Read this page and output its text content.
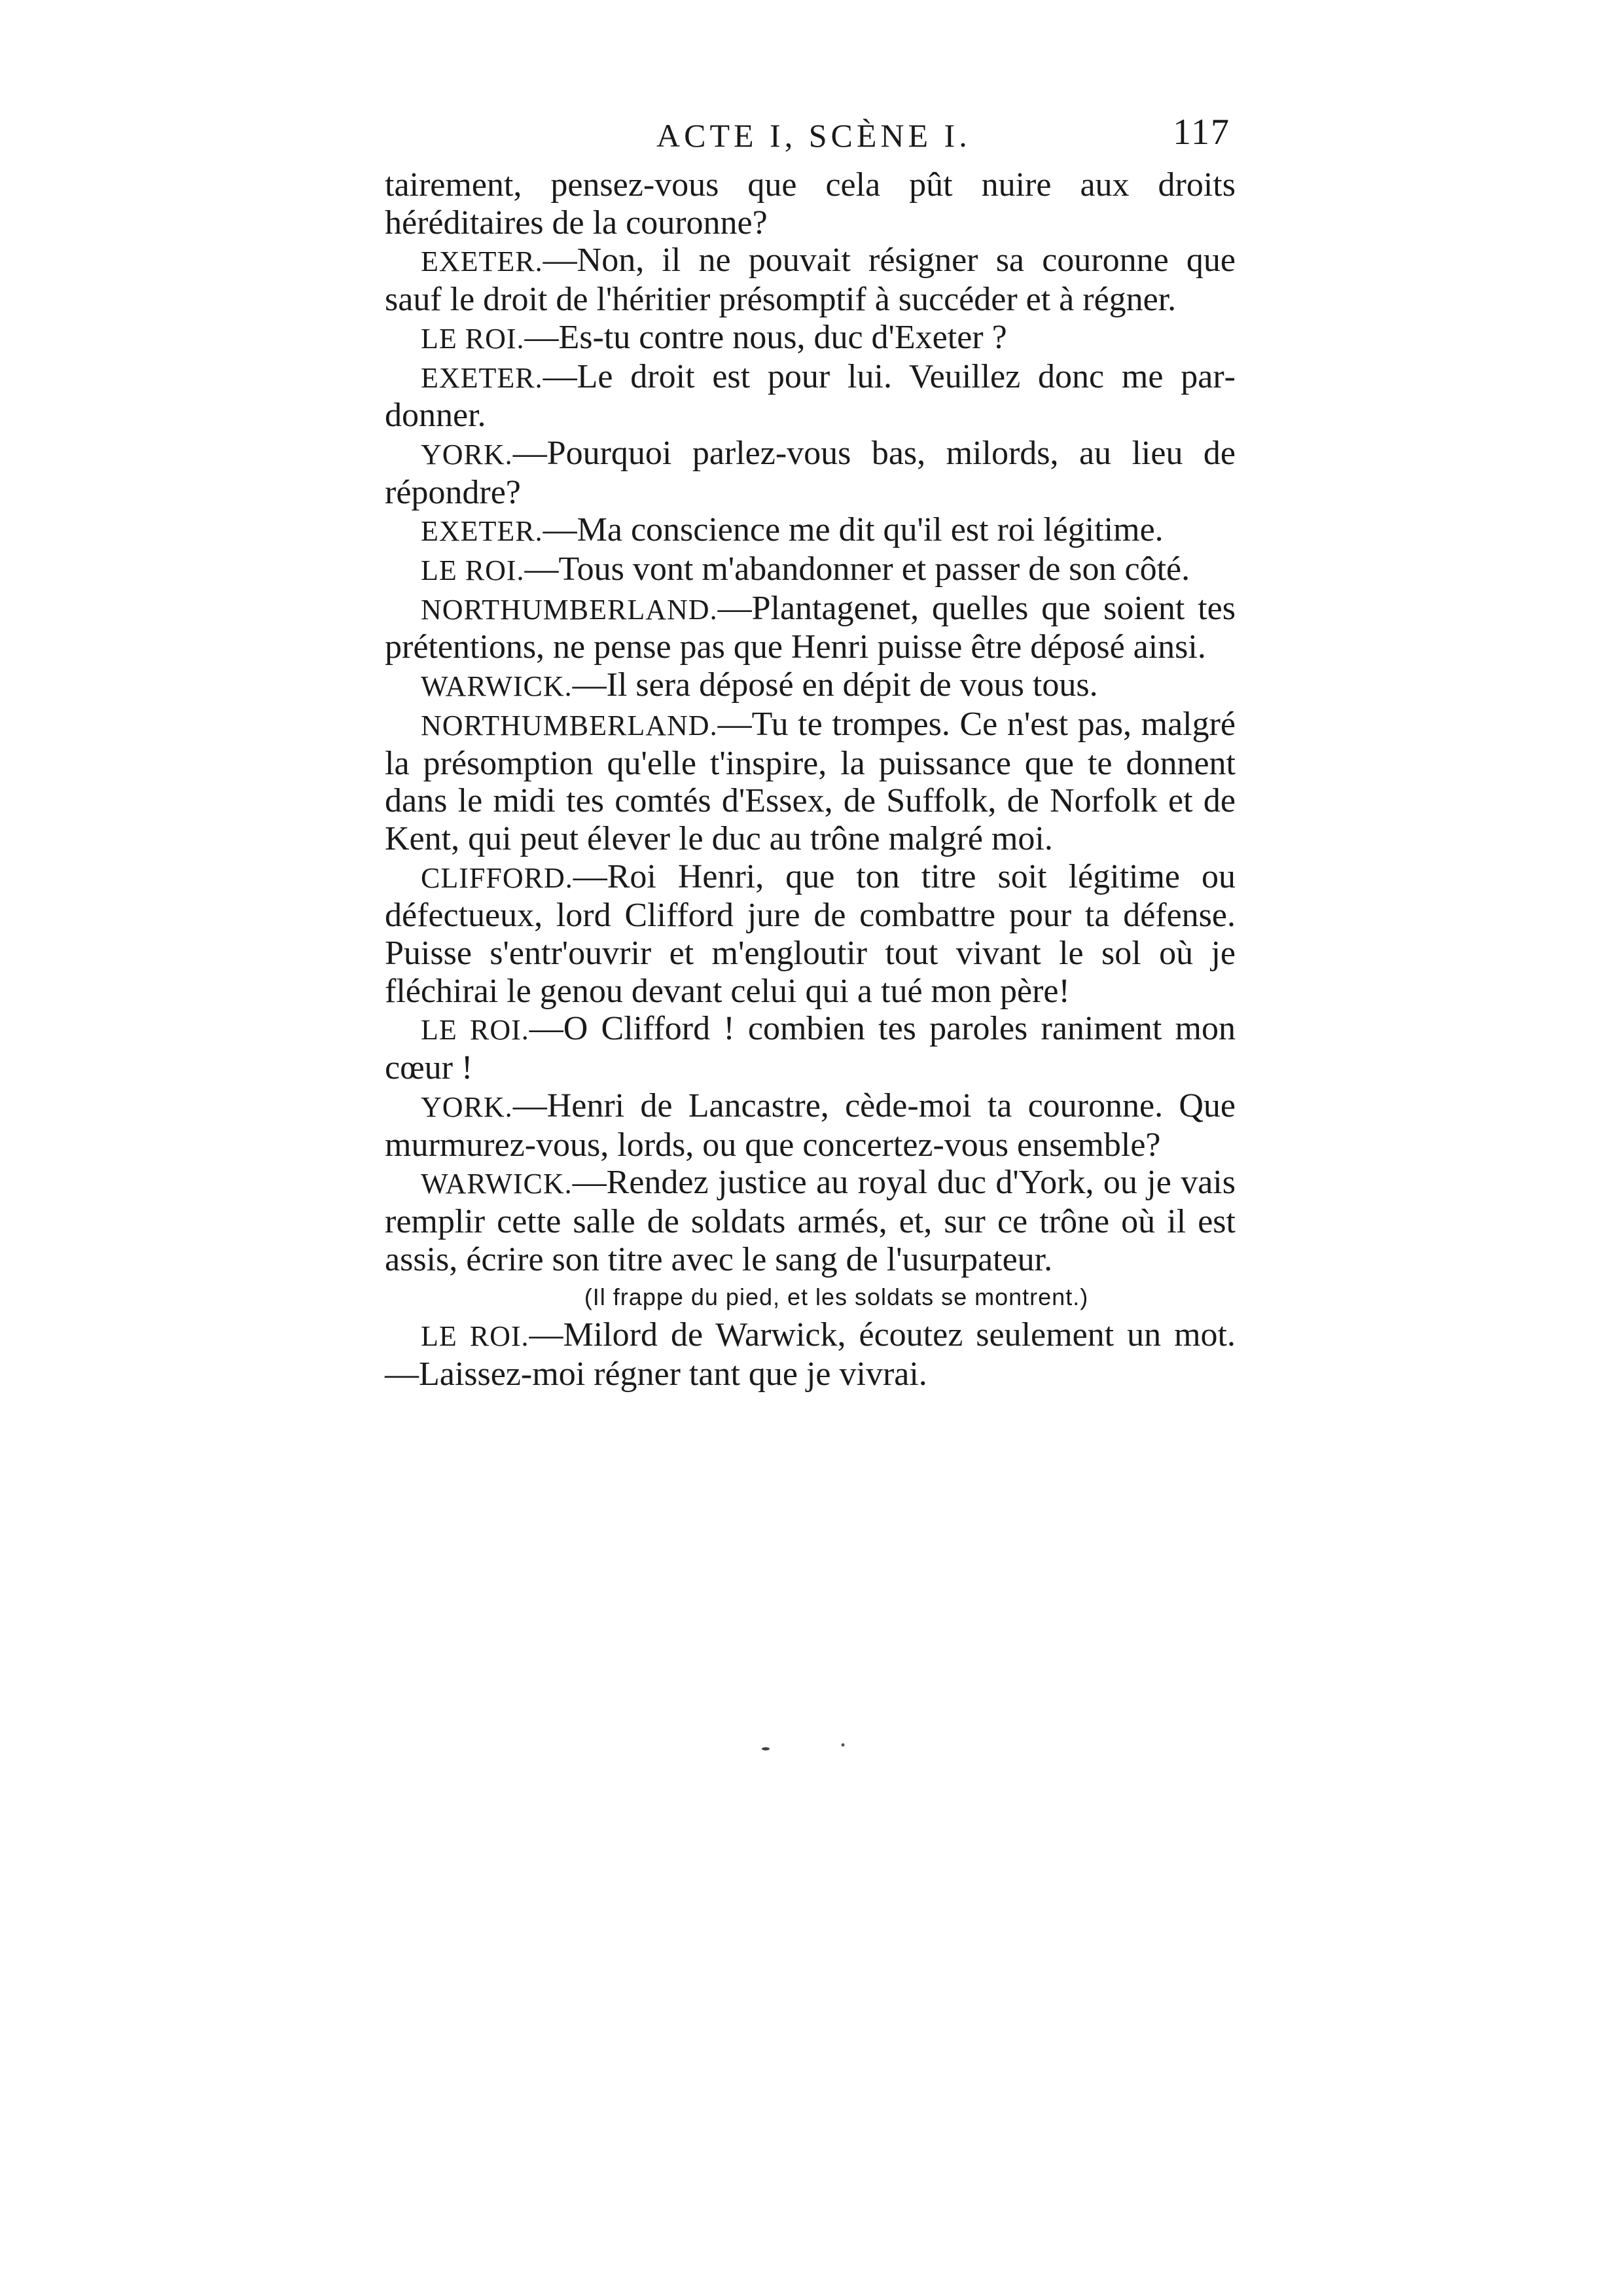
ACTE I, SCÈNE I.	117

tairement, pensez-vous que cela pût nuire aux droits héréditaires de la couronne?

EXETER.—Non, il ne pouvait résigner sa couronne que sauf le droit de l'héritier présomptif à succéder et à régner.

LE ROI.—Es-tu contre nous, duc d'Exeter ?

EXETER.—Le droit est pour lui. Veuillez donc me pardonner.

YORK.—Pourquoi parlez-vous bas, milords, au lieu de répondre?

EXETER.—Ma conscience me dit qu'il est roi légitime.

LE ROI.—Tous vont m'abandonner et passer de son côté.

NORTHUMBERLAND.—Plantagenet, quelles que soient tes prétentions, ne pense pas que Henri puisse être déposé ainsi.

WARWICK.—Il sera déposé en dépit de vous tous.

NORTHUMBERLAND.—Tu te trompes. Ce n'est pas, malgré la présomption qu'elle t'inspire, la puissance que te donnent dans le midi tes comtés d'Essex, de Suffolk, de Norfolk et de Kent, qui peut élever le duc au trône malgré moi.

CLIFFORD.—Roi Henri, que ton titre soit légitime ou défectueux, lord Clifford jure de combattre pour ta défense. Puisse s'entr'ouvrir et m'engloutir tout vivant le sol où je fléchirai le genou devant celui qui a tué mon père!

LE ROI.—O Clifford ! combien tes paroles raniment mon cœur !

YORK.—Henri de Lancastre, cède-moi ta couronne. Que murmurez-vous, lords, ou que concertez-vous ensemble?

WARWICK.—Rendez justice au royal duc d'York, ou je vais remplir cette salle de soldats armés, et, sur ce trône où il est assis, écrire son titre avec le sang de l'usurpateur.

(Il frappe du pied, et les soldats se montrent.)

LE ROI.—Milord de Warwick, écoutez seulement un mot.—Laissez-moi régner tant que je vivrai.
